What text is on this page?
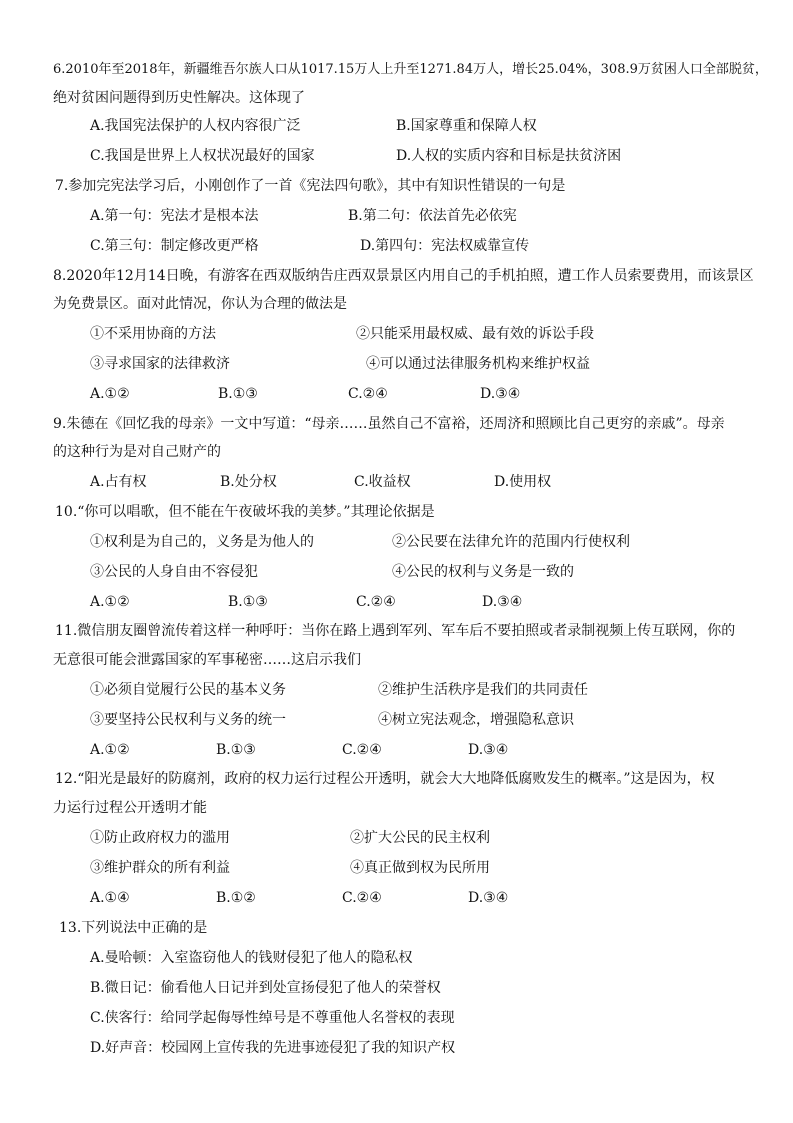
6.2010年至2018年，新疆维吾尔族人口从1017.15万人上升至1271.84万人，增长25.04%，308.9万贫困人口全部脱贫，
绝对贫困问题得到历史性解决。这体现了
A.我国宪法保护的人权内容很广泛	B.国家尊重和保障人权
C.我国是世界上人权状况最好的国家	D.人权的实质内容和目标是扶贫济困
7.参加完宪法学习后，小刚创作了一首《宪法四句歌》，其中有知识性错误的一句是
A.第一句：宪法才是根本法	B.第二句：依法首先必依宪
C.第三句：制定修改更严格	D.第四句：宪法权威靠宣传
8.2020年12月14日晚，有游客在西双版纳告庄西双景景区内用自己的手机拍照，遭工作人员索要费用，而该景区
为免费景区。面对此情况，你认为合理的做法是
①不采用协商的方法	②只能采用最权威、最有效的诉讼手段
③寻求国家的法律救济	④可以通过法律服务机构来维护权益
A.①②	B.①③	C.②④	D.③④
9.朱德在《回忆我的母亲》一文中写道：“母亲……虽然自己不富裕，还周济和照顾比自己更穷的亲戚”。母亲
的这种行为是对自己财产的
A.占有权	B.处分权	C.收益权	D.使用权
10.“你可以唱歌，但不能在午夜破坏我的美梦。”其理论依据是
①权利是为自己的，义务是为他人的	②公民要在法律允许的范围内行使权利
③公民的人身自由不容侵犯	④公民的权利与义务是一致的
A.①②	B.①③	C.②④	D.③④
11.微信朋友圈曾流传着这样一种呼吁：当你在路上遇到军列、军车后不要拍照或者录制视频上传互联网，你的
无意很可能会泄露国家的军事秘密……这启示我们
①必须自觉履行公民的基本义务	②维护生活秩序是我们的共同责任
③要坚持公民权利与义务的统一	④树立宪法观念，增强隐私意识
A.①②	B.①③	C.②④	D.③④
12.“阳光是最好的防腐剂，政府的权力运行过程公开透明，就会大大地降低腐败发生的概率。”这是因为，权
力运行过程公开透明才能
①防止政府权力的滥用	②扩大公民的民主权利
③维护群众的所有利益	④真正做到权为民所用
A.①④	B.①②	C.②④	D.③④
13.下列说法中正确的是
A.曼哈顿：入室盗窃他人的钱财侵犯了他人的隐私权
B.微日记：偷看他人日记并到处宣扬侵犯了他人的荣誉权
C.侠客行：给同学起侮辱性绰号是不尊重他人名誉权的表现
D.好声音：校园网上宣传我的先进事迹侵犯了我的知识产权
